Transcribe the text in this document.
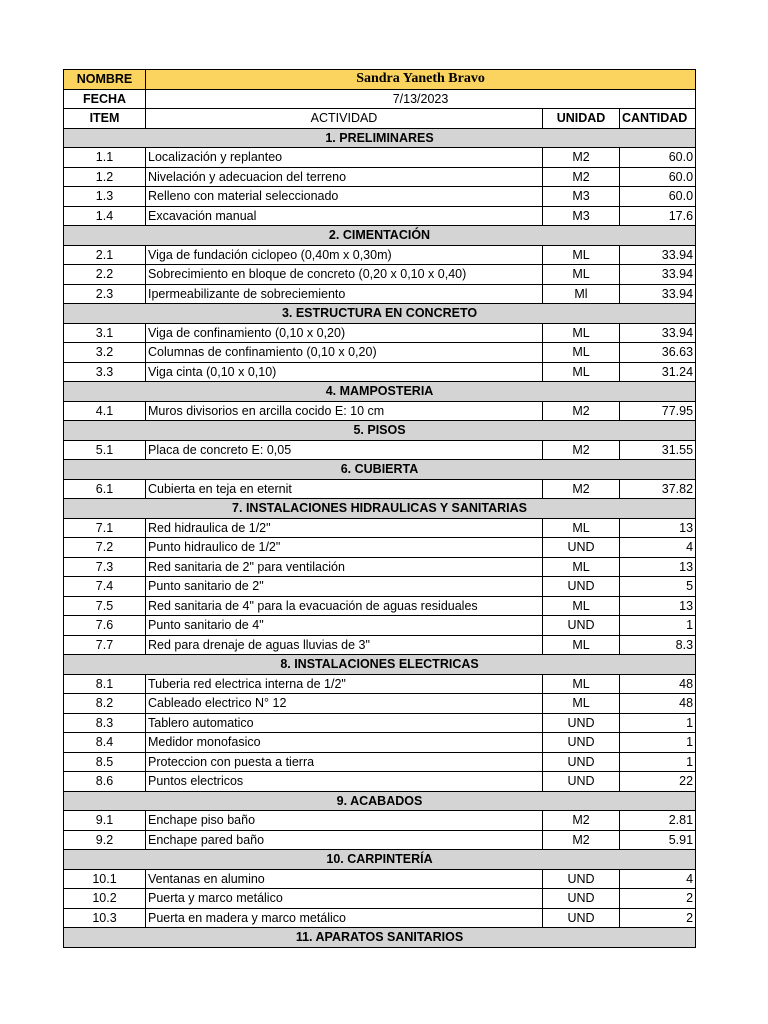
NOMBRE	Sandra Yaneth Bravo		
FECHA	7/13/2023		
ITEM	ACTIVIDAD	UNIDAD	CANTIDAD
1. PRELIMINARES			
1.1	Localización y replanteo	M2	60.0
1.2	Nivelación y adecuacion del terreno	M2	60.0
1.3	Relleno con material seleccionado	M3	60.0
1.4	Excavación manual	M3	17.6
2. CIMENTACIÓN			
2.1	Viga de fundación ciclopeo (0,40m x 0,30m)	ML	33.94
2.2	Sobrecimiento en bloque de concreto (0,20 x 0,10 x 0,40)	ML	33.94
2.3	Ipermeabilizante de sobreciemiento	Ml	33.94
3. ESTRUCTURA EN CONCRETO			
3.1	Viga de confinamiento (0,10 x 0,20)	ML	33.94
3.2	Columnas de confinamiento (0,10 x 0,20)	ML	36.63
3.3	Viga cinta (0,10 x 0,10)	ML	31.24
4. MAMPOSTERIA			
4.1	Muros divisorios en arcilla cocido E: 10 cm	M2	77.95
5. PISOS			
5.1	Placa de concreto E: 0,05	M2	31.55
6. CUBIERTA			
6.1	Cubierta en teja en eternit	M2	37.82
7. INSTALACIONES HIDRAULICAS Y SANITARIAS			
7.1	Red hidraulica de 1/2"	ML	13
7.2	Punto hidraulico de 1/2"	UND	4
7.3	Red sanitaria de 2" para ventilación	ML	13
7.4	Punto sanitario de 2"	UND	5
7.5	Red sanitaria de 4" para la evacuación de aguas residuales	ML	13
7.6	Punto sanitario de 4"	UND	1
7.7	Red para drenaje de aguas lluvias de 3"	ML	8.3
8. INSTALACIONES ELECTRICAS			
8.1	Tuberia red electrica interna de 1/2"	ML	48
8.2	Cableado electrico N° 12	ML	48
8.3	Tablero automatico	UND	1
8.4	Medidor monofasico	UND	1
8.5	Proteccion con puesta a tierra	UND	1
8.6	Puntos electricos	UND	22
9. ACABADOS			
9.1	Enchape piso baño	M2	2.81
9.2	Enchape pared baño	M2	5.91
10. CARPINTERÍA			
10.1	Ventanas en alumino	UND	4
10.2	Puerta y marco metálico	UND	2
10.3	Puerta en madera y marco metálico	UND	2
11. APARATOS SANITARIOS			
